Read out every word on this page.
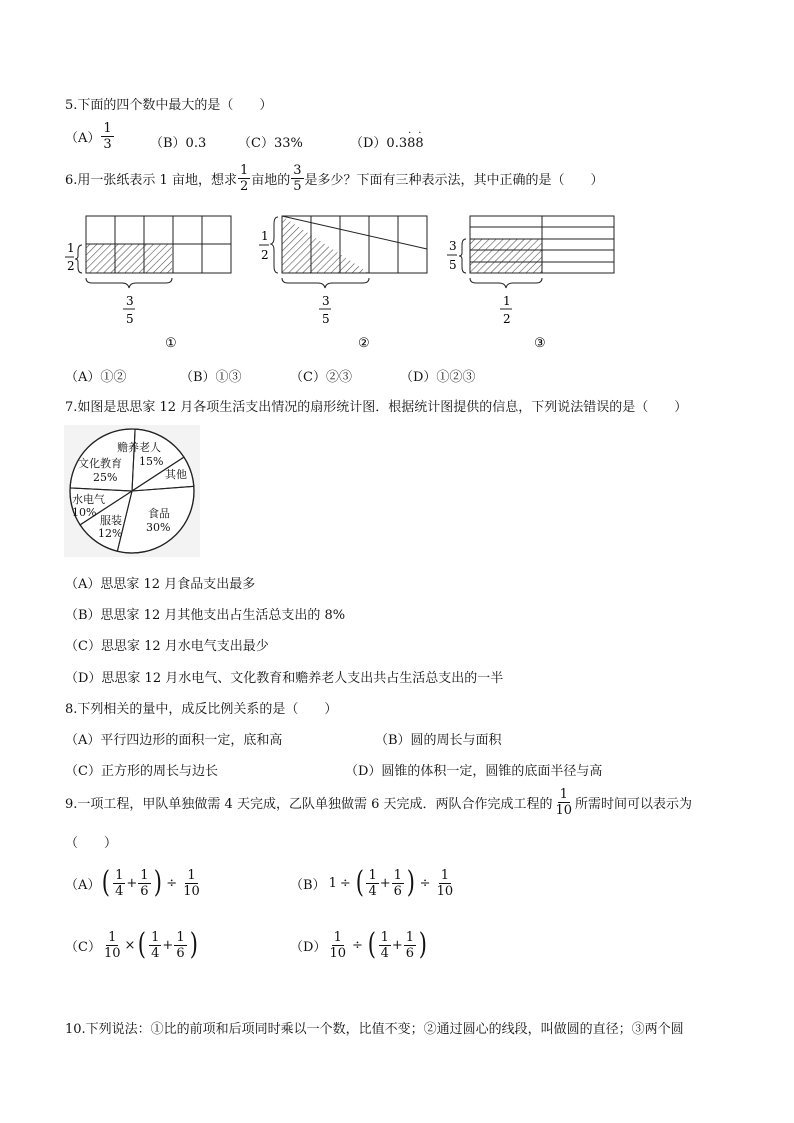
5.下面的四个数中最大的是（　　）
$(A) \frac{1}{3}$	（B）0.3 （C）33%	（D）0.388
· ·
6.用一张纸表示 1 亩地，想求 $\frac{1}{2}$ 亩地的 $\frac{3}{5}$ 是多少？下面有三种表示法，其中正确的是（　　）
1
2
3
5
①
1
2
3
5
②
3
5
1
2
③
（A）①②	（B）①③	（C）②③	（D）①②③
7.如图是思思家 12 月各项生活支出情况的扇形统计图．根据统计图提供的信息，下列说法错误的是（　　）
赡养老人
15%
其他
食品
30%
服装
12%
水电气
10%
文化教育
25%
（A）思思家 12 月食品支出最多
（B）思思家 12 月其他支出占生活总支出的 8%
（C）思思家 12 月水电气支出最少
（D）思思家 12 月水电气、文化教育和赡养老人支出共占生活总支出的一半
8.下列相关的量中，成反比例关系的是（　　）
（A）平行四边形的面积一定，底和高	（B）圆的周长与面积
（C）正方形的周长与边长	（D）圆锥的体积一定，圆锥的底面半径与高
9.一项工程，甲队单独做需 4 天完成，乙队单独做需 6 天完成．两队合作完成工程的 $\frac{1}{10}$ 所需时间可以表示为
（　　）
（A） ( $\frac{1}{4} + \frac{1}{6}$ ) ÷ $\frac{1}{10}$	（B） 1 ÷ ( $\frac{1}{4} + \frac{1}{6}$ ) ÷ $\frac{1}{10}$
$(C) \frac{1}{10}$ × ( $\frac{1}{4} + \frac{1}{6}$ )	$(D) \frac{1}{10}$ ÷ ( $\frac{1}{4} + \frac{1}{6}$ )
10.下列说法：①比的前项和后项同时乘以一个数，比值不变；②通过圆心的线段，叫做圆的直径；③两个圆
